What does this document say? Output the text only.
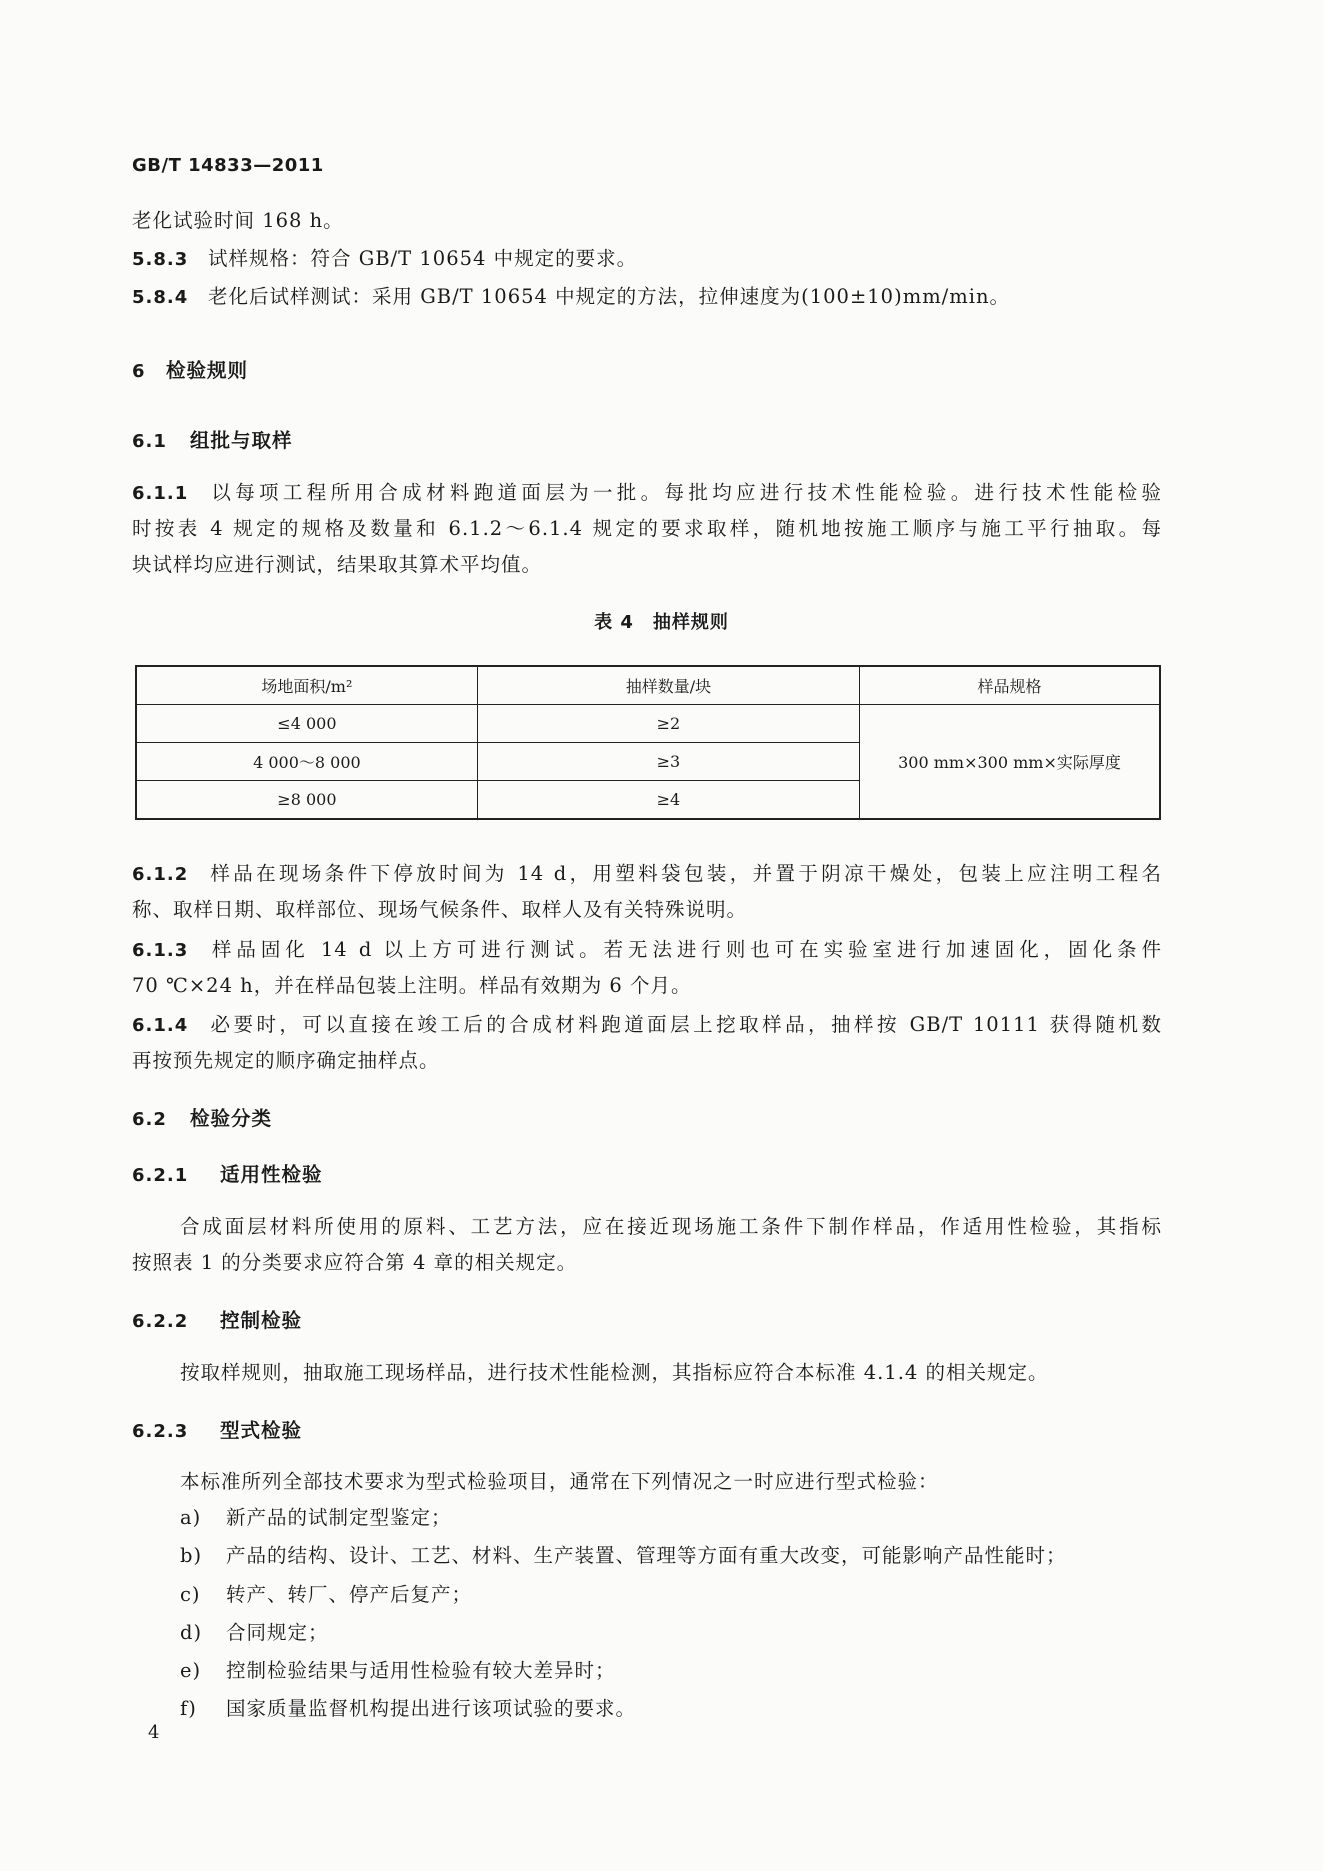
GB/T 14833—2011
老化试验时间 168 h。
5.8.3 试样规格：符合 GB/T 10654 中规定的要求。
5.8.4 老化后试样测试：采用 GB/T 10654 中规定的方法，拉伸速度为(100±10)mm/min。
6 检验规则
6.1 组批与取样
6.1.1 以每项工程所用合成材料跑道面层为一批。每批均应进行技术性能检验。进行技术性能检验
时按表 4 规定的规格及数量和 6.1.2～6.1.4 规定的要求取样，随机地按施工顺序与施工平行抽取。每
块试样均应进行测试，结果取其算术平均值。
表 4　抽样规则
场地面积/m²	抽样数量/块	样品规格
≤4 000	≥2	300 mm×300 mm×实际厚度
4 000～8 000	≥3	
≥8 000	≥4	
6.1.2 样品在现场条件下停放时间为 14 d，用塑料袋包装，并置于阴凉干燥处，包装上应注明工程名
称、取样日期、取样部位、现场气候条件、取样人及有关特殊说明。
6.1.3 样品固化 14 d 以上方可进行测试。若无法进行则也可在实验室进行加速固化，固化条件
70 ℃×24 h，并在样品包装上注明。样品有效期为 6 个月。
6.1.4 必要时，可以直接在竣工后的合成材料跑道面层上挖取样品，抽样按 GB/T 10111 获得随机数
再按预先规定的顺序确定抽样点。
6.2 检验分类
6.2.1 适用性检验
合成面层材料所使用的原料、工艺方法，应在接近现场施工条件下制作样品，作适用性检验，其指标
按照表 1 的分类要求应符合第 4 章的相关规定。
6.2.2 控制检验
按取样规则，抽取施工现场样品，进行技术性能检测，其指标应符合本标准 4.1.4 的相关规定。
6.2.3 型式检验
本标准所列全部技术要求为型式检验项目，通常在下列情况之一时应进行型式检验：
a) 新产品的试制定型鉴定；
b) 产品的结构、设计、工艺、材料、生产装置、管理等方面有重大改变，可能影响产品性能时；
c) 转产、转厂、停产后复产；
d) 合同规定；
e) 控制检验结果与适用性检验有较大差异时；
f) 国家质量监督机构提出进行该项试验的要求。
4
